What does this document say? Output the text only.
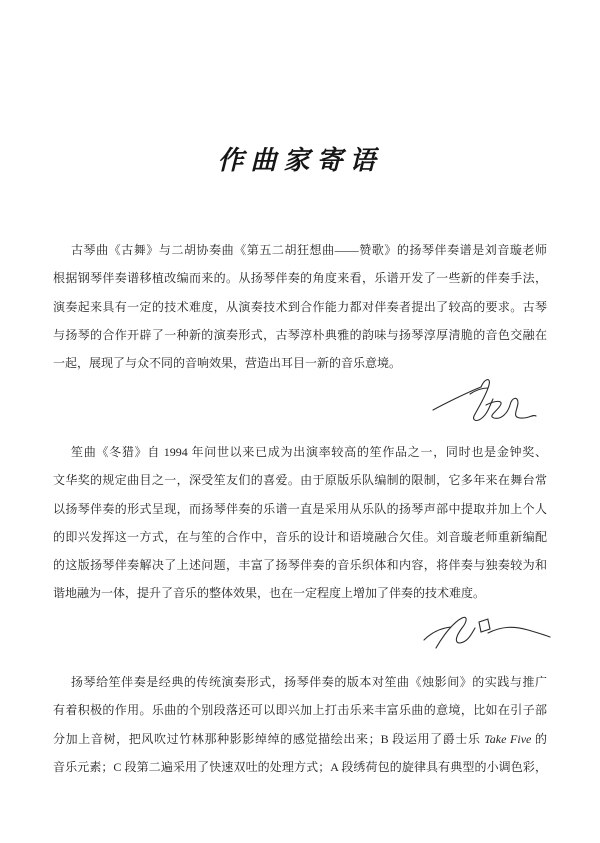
作曲家寄语
古琴曲《古舞》与二胡协奏曲《第五二胡狂想曲——赞歌》的扬琴伴奏谱是刘音璇老师
根据钢琴伴奏谱移植改编而来的。从扬琴伴奏的角度来看，乐谱开发了一些新的伴奏手法，
演奏起来具有一定的技术难度，从演奏技术到合作能力都对伴奏者提出了较高的要求。古琴
与扬琴的合作开辟了一种新的演奏形式，古琴淳朴典雅的韵味与扬琴淳厚清脆的音色交融在
一起，展现了与众不同的音响效果，营造出耳目一新的音乐意境。
笙曲《冬猎》自 1994 年问世以来已成为出演率较高的笙作品之一，同时也是金钟奖、
文华奖的规定曲目之一，深受笙友们的喜爱。由于原版乐队编制的限制，它多年来在舞台常
以扬琴伴奏的形式呈现，而扬琴伴奏的乐谱一直是采用从乐队的扬琴声部中提取并加上个人
的即兴发挥这一方式，在与笙的合作中，音乐的设计和语境融合欠佳。刘音璇老师重新编配
的这版扬琴伴奏解决了上述问题，丰富了扬琴伴奏的音乐织体和内容，将伴奏与独奏较为和
谐地融为一体，提升了音乐的整体效果，也在一定程度上增加了伴奏的技术难度。
扬琴给笙伴奏是经典的传统演奏形式，扬琴伴奏的版本对笙曲《烛影间》的实践与推广
有着积极的作用。乐曲的个别段落还可以即兴加上打击乐来丰富乐曲的意境，比如在引子部
分加上音树，把风吹过竹林那种影影绰绰的感觉描绘出来；B 段运用了爵士乐 Take Five 的
音乐元素；C 段第二遍采用了快速双吐的处理方式；A 段绣荷包的旋律具有典型的小调色彩，
